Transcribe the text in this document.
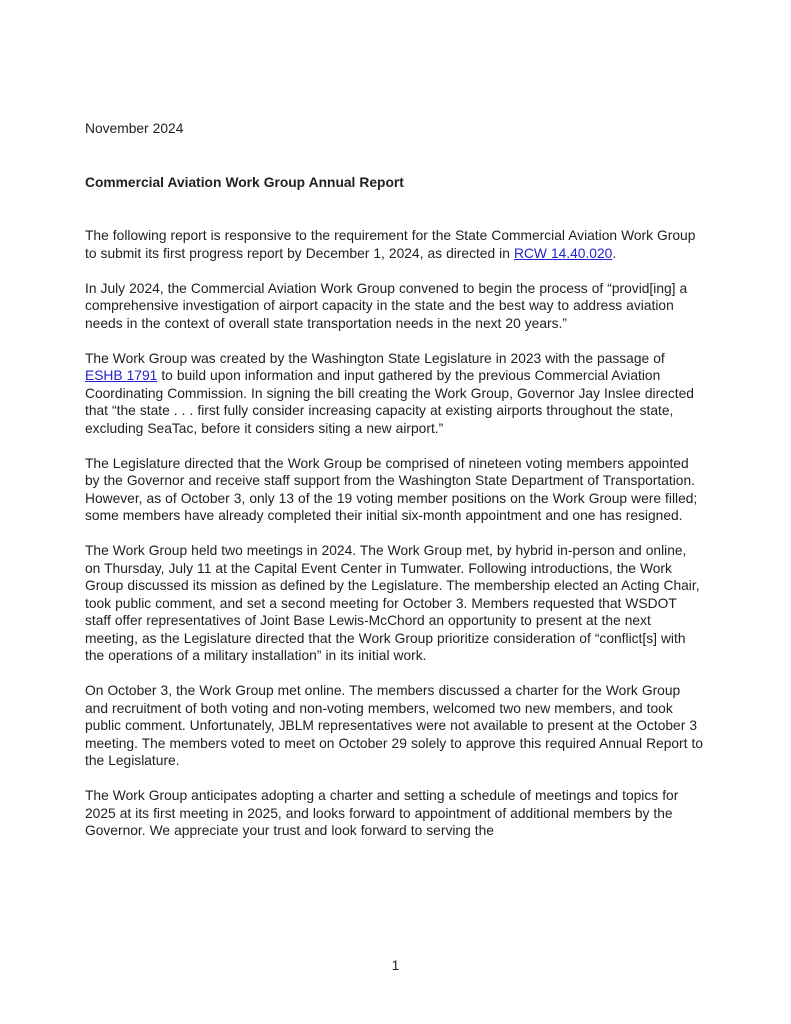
November 2024

Commercial Aviation Work Group Annual Report

The following report is responsive to the requirement for the State Commercial Aviation Work Group to submit its first progress report by December 1, 2024, as directed in RCW 14.40.020.

In July 2024, the Commercial Aviation Work Group convened to begin the process of “provid[ing] a comprehensive investigation of airport capacity in the state and the best way to address aviation needs in the context of overall state transportation needs in the next 20 years.”

The Work Group was created by the Washington State Legislature in 2023 with the passage of ESHB 1791 to build upon information and input gathered by the previous Commercial Aviation Coordinating Commission. In signing the bill creating the Work Group, Governor Jay Inslee directed that “the state . . . first fully consider increasing capacity at existing airports throughout the state, excluding SeaTac, before it considers siting a new airport.”

The Legislature directed that the Work Group be comprised of nineteen voting members appointed by the Governor and receive staff support from the Washington State Department of Transportation. However, as of October 3, only 13 of the 19 voting member positions on the Work Group were filled; some members have already completed their initial six-month appointment and one has resigned.

The Work Group held two meetings in 2024. The Work Group met, by hybrid in-person and online, on Thursday, July 11 at the Capital Event Center in Tumwater. Following introductions, the Work Group discussed its mission as defined by the Legislature. The membership elected an Acting Chair, took public comment, and set a second meeting for October 3. Members requested that WSDOT staff offer representatives of Joint Base Lewis-McChord an opportunity to present at the next meeting, as the Legislature directed that the Work Group prioritize consideration of “conflict[s] with the operations of a military installation” in its initial work.

On October 3, the Work Group met online. The members discussed a charter for the Work Group and recruitment of both voting and non-voting members, welcomed two new members, and took public comment. Unfortunately, JBLM representatives were not available to present at the October 3 meeting. The members voted to meet on October 29 solely to approve this required Annual Report to the Legislature.

The Work Group anticipates adopting a charter and setting a schedule of meetings and topics for 2025 at its first meeting in 2025, and looks forward to appointment of additional members by the Governor. We appreciate your trust and look forward to serving the

1
